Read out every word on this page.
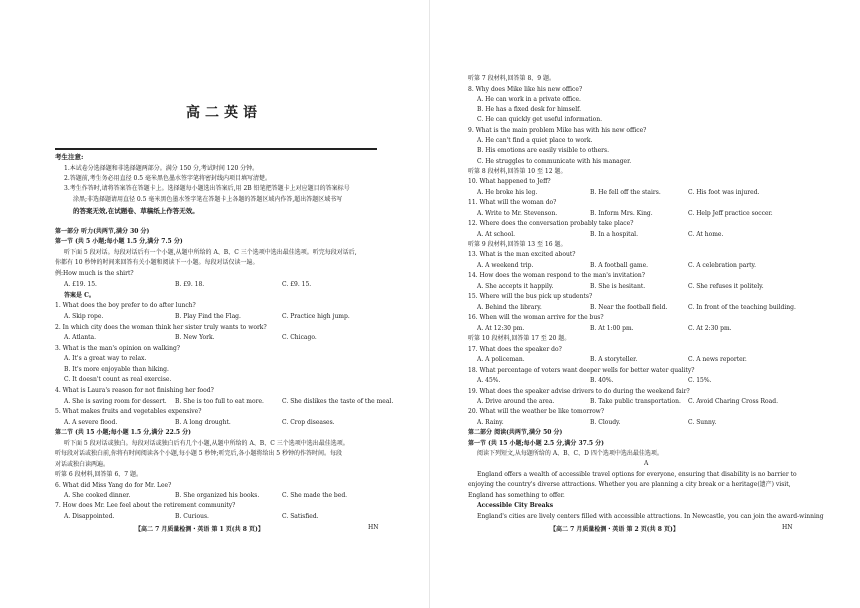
高二英语
考生注意:
1.本试卷分选择题和非选择题两部分。满分 150 分,考试时间 120 分钟。
2.答题前,考生务必用直径 0.5 毫米黑色墨水签字笔将密封线内项目填写清楚。
3.考生作答时,请将答案答在答题卡上。选择题每小题选出答案后,用 2B 铅笔把答题卡上对应题目的答案标号
涂黑;非选择题请用直径 0.5 毫米黑色墨水签字笔在答题卡上各题的答题区域内作答,超出答题区域书写
的答案无效,在试题卷、草稿纸上作答无效。
第一部分 听力(共两节,满分 30 分)
第一节 (共 5 小题;每小题 1.5 分,满分 7.5 分)
听下面 5 段对话。每段对话后有一个小题,从题中所给的 A、B、C 三个选项中选出最佳选项。听完每段对话后,
你都有 10 秒钟的时间来回答有关小题和阅读下一小题。每段对话仅读一遍。
例:How much is the shirt?
A. £19. 15.	B. £9. 18.	C. £9. 15.
答案是 C。
1. What does the boy prefer to do after lunch?
A. Skip rope.	B. Play Find the Flag.	C. Practice high jump.
2. In which city does the woman think her sister truly wants to work?
A. Atlanta.	B. New York.	C. Chicago.
3. What is the man's opinion on walking?
A. It's a great way to relax.
B. It's more enjoyable than hiking.
C. It doesn't count as real exercise.
4. What is Laura's reason for not finishing her food?
A. She is saving room for dessert. B. She is too full to eat more.	C. She dislikes the taste of the meal.
5. What makes fruits and vegetables expensive?
A. A severe flood.	B. A long drought.	C. Crop diseases.
第二节 (共 15 小题;每小题 1.5 分,满分 22.5 分)
听下面 5 段对话或独白。每段对话或独白后有几个小题,从题中所给的 A、B、C 三个选项中选出最佳选项。
听每段对话或独白前,你将有时间阅读各个小题,每小题 5 秒钟;听完后,各小题将给出 5 秒钟的作答时间。每段
对话或独白读两遍。
听第 6 段材料,回答第 6、7 题。
6. What did Miss Yang do for Mr. Lee?
A. She cooked dinner.	B. She organized his books.	C. She made the bed.
7. How does Mr. Lee feel about the retirement community?
A. Disappointed.	B. Curious.	C. Satisfied.
【高二 7 月质量检测・英语 第 1 页(共 8 页)】	HN
听第 7 段材料,回答第 8、9 题。
8. Why does Mike like his new office?
A. He can work in a private office.
B. He has a fixed desk for himself.
C. He can quickly get useful information.
9. What is the main problem Mike has with his new office?
A. He can't find a quiet place to work.
B. His emotions are easily visible to others.
C. He struggles to communicate with his manager.
听第 8 段材料,回答第 10 至 12 题。
10. What happened to Jeff?
A. He broke his leg.	B. He fell off the stairs.	C. His foot was injured.
11. What will the woman do?
A. Write to Mr. Stevenson.	B. Inform Mrs. King.	C. Help Jeff practice soccer.
12. Where does the conversation probably take place?
A. At school.	B. In a hospital.	C. At home.
听第 9 段材料,回答第 13 至 16 题。
13. What is the man excited about?
A. A weekend trip.	B. A football game.	C. A celebration party.
14. How does the woman respond to the man's invitation?
A. She accepts it happily.	B. She is hesitant.	C. She refuses it politely.
15. Where will the bus pick up students?
A. Behind the library.	B. Near the football field.	C. In front of the teaching building.
16. When will the woman arrive for the bus?
A. At 12:30 pm.	B. At 1:00 pm.	C. At 2:30 pm.
听第 10 段材料,回答第 17 至 20 题。
17. What does the speaker do?
A. A policeman.	B. A storyteller.	C. A news reporter.
18. What percentage of voters want deeper wells for better water quality?
A. 45%.	B. 40%.	C. 15%.
19. What does the speaker advise drivers to do during the weekend fair?
A. Drive around the area.	B. Take public transportation. C. Avoid Charing Cross Road.
20. What will the weather be like tomorrow?
A. Rainy.	B. Cloudy.	C. Sunny.
第二部分 阅读(共两节,满分 50 分)
第一节 (共 15 小题;每小题 2.5 分,满分 37.5 分)
阅读下列短文,从每题所给的 A、B、C、D 四个选项中选出最佳选项。
A
England offers a wealth of accessible travel options for everyone, ensuring that disability is no barrier to
enjoying the country's diverse attractions. Whether you are planning a city break or a heritage(遗产) visit,
England has something to offer.
Accessible City Breaks
England's cities are lively centers filled with accessible attractions. In Newcastle, you can join the award-winning
【高二 7 月质量检测・英语 第 2 页(共 8 页)】	HN
